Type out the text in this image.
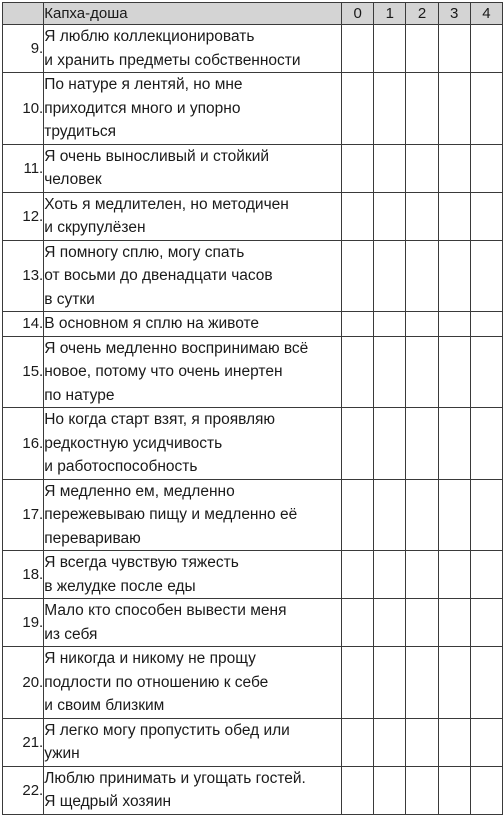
	Капха-доша	0	1	2	3	4
9.	Я люблю коллекционировать
и хранить предметы собственности					

10.	По натуре я лентяй, но мне
приходится много и упорно
трудиться					

11.	Я очень выносливый и стойкий
человек					

12.	Хоть я медлителен, но методичен
и скрупулёзен					

13.	Я помногу сплю, могу спать
от восьми до двенадцати часов
в сутки					

14.	В основном я сплю на животе					

15.	Я очень медленно воспринимаю всё
новое, потому что очень инертен
по натуре					

16.	Но когда старт взят, я проявляю
редкостную усидчивость
и работоспособность					

17.	Я медленно ем, медленно
пережевываю пищу и медленно её
перевариваю					

18.	Я всегда чувствую тяжесть
в желудке после еды					

19.	Мало кто способен вывести меня
из себя					

20.	Я никогда и никому не прощу
подлости по отношению к себе
и своим близким					

21.	Я легко могу пропустить обед или
ужин					

22.	Люблю принимать и угощать гостей.
Я щедрый хозяин					
